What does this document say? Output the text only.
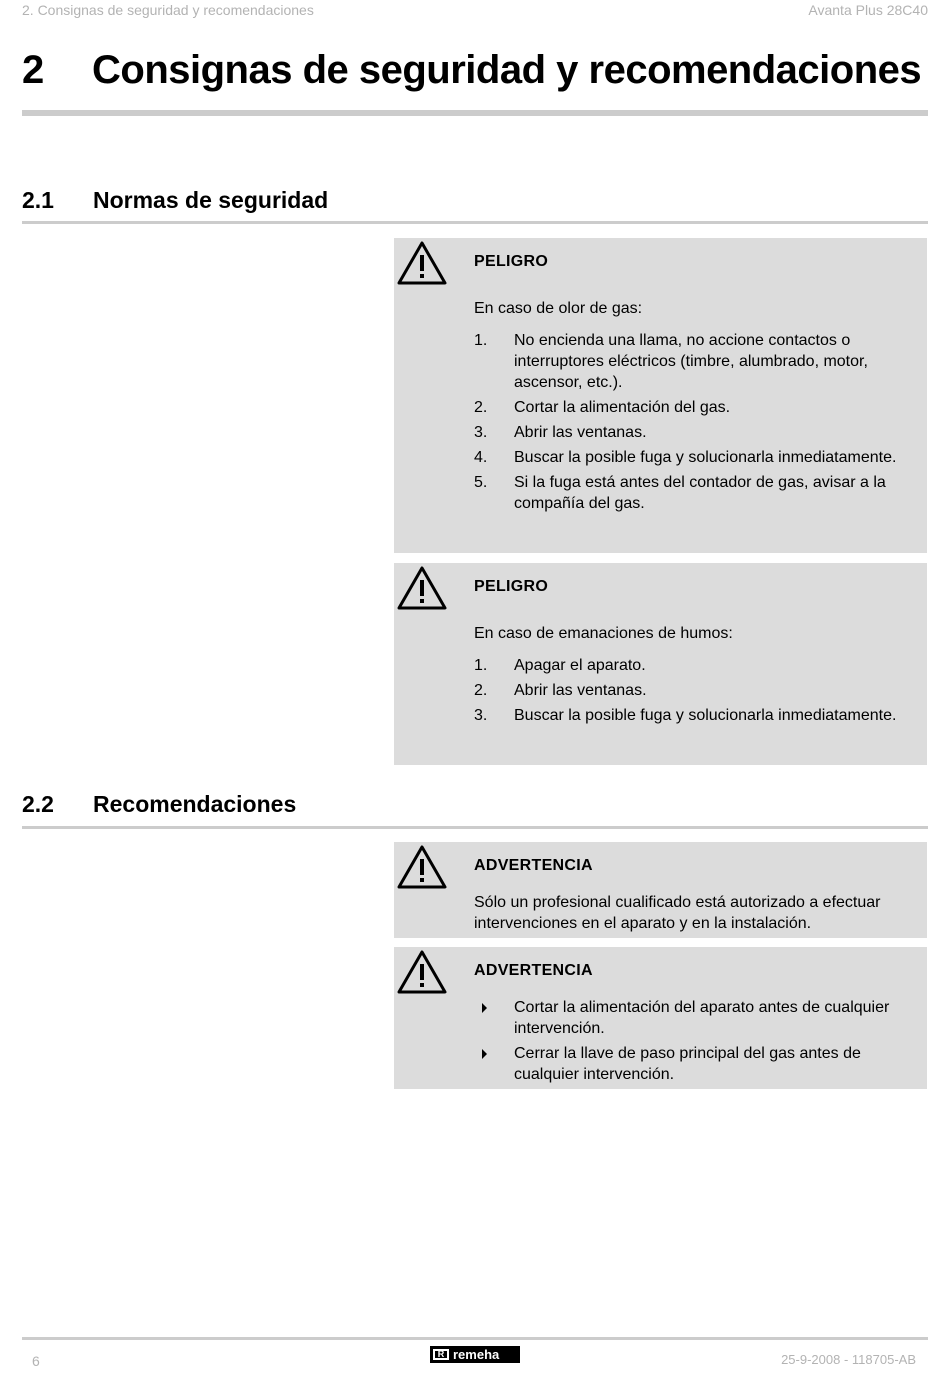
2. Consignas de seguridad y recomendaciones	Avanta Plus 28C40
2 Consignas de seguridad y recomendaciones
2.1 Normas de seguridad
PELIGRO
En caso de olor de gas:
1. No encienda una llama, no accione contactos o interruptores eléctricos (timbre, alumbrado, motor, ascensor, etc.).
2. Cortar la alimentación del gas.
3. Abrir las ventanas.
4. Buscar la posible fuga y solucionarla inmediatamente.
5. Si la fuga está antes del contador de gas, avisar a la compañía del gas.
PELIGRO
En caso de emanaciones de humos:
1. Apagar el aparato.
2. Abrir las ventanas.
3. Buscar la posible fuga y solucionarla inmediatamente.
2.2 Recomendaciones
ADVERTENCIA
Sólo un profesional cualificado está autorizado a efectuar intervenciones en el aparato y en la instalación.
ADVERTENCIA
Cortar la alimentación del aparato antes de cualquier intervención.
Cerrar la llave de paso principal del gas antes de cualquier intervención.
6	R remeha	25-9-2008 - 118705-AB
